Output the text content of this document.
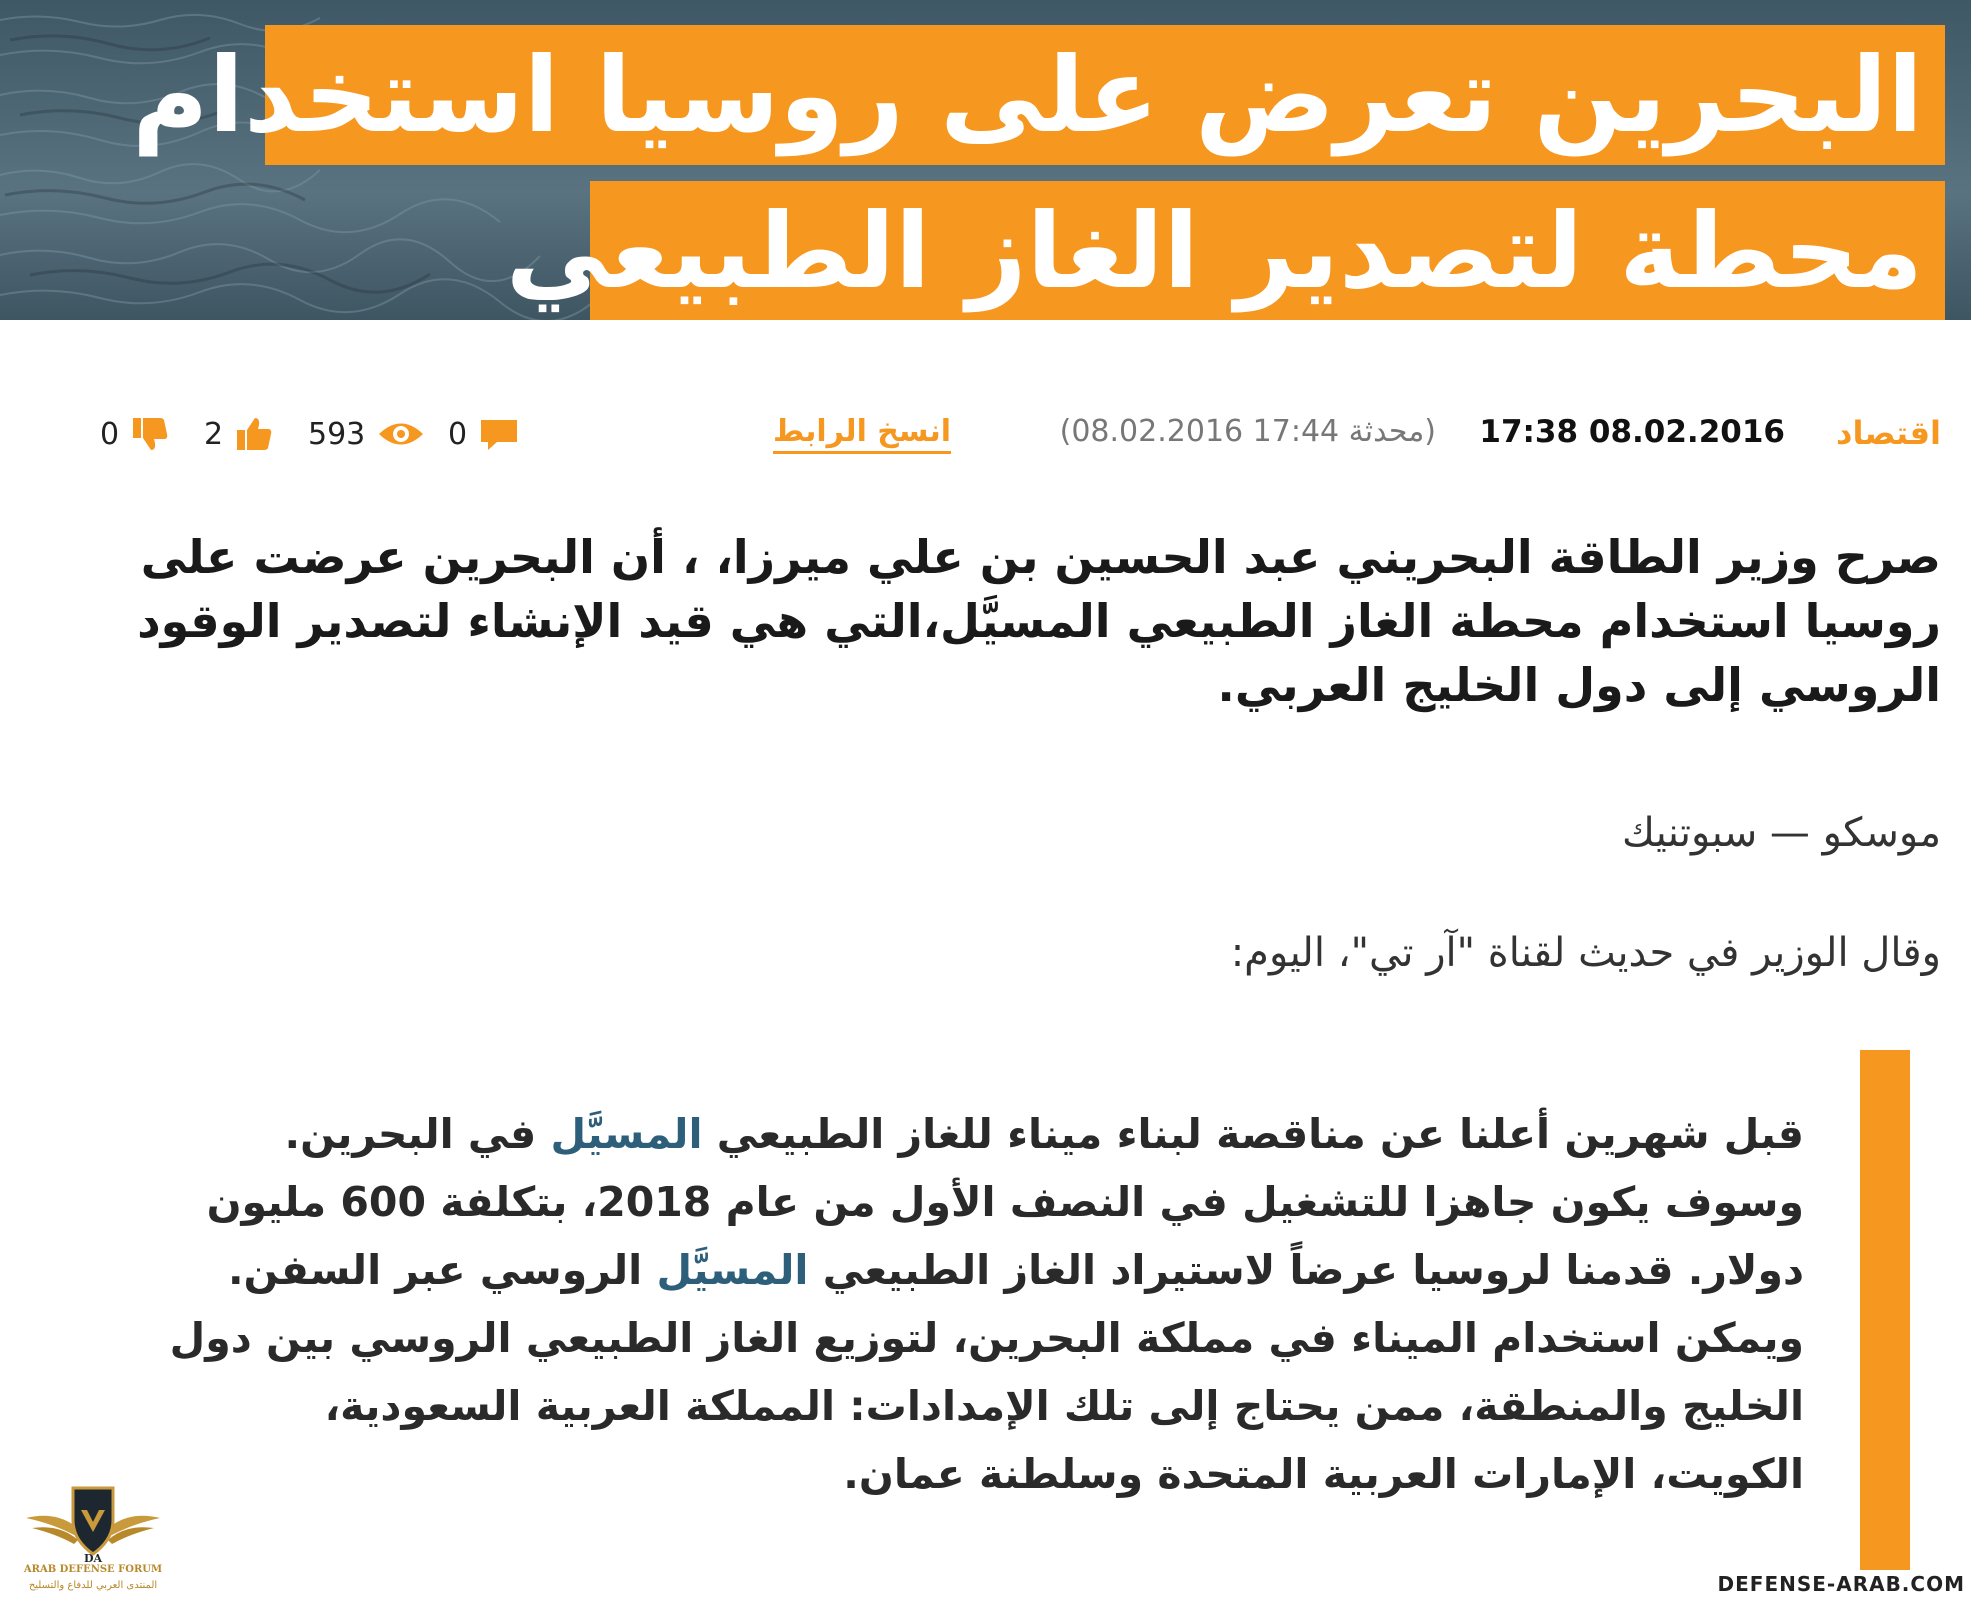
البحرين تعرض على روسيا استخدام
محطة لتصدير الغاز الطبيعي
اقتصاد
08.02.2016 17:38
(محدثة 17:44 08.02.2016)
انسخ الرابط
0
593
2
0
صرح وزير الطاقة البحريني عبد الحسين بن علي ميرزا، ، أن البحرين عرضت على روسيا استخدام محطة الغاز الطبيعي المسيَّل،التي هي قيد الإنشاء لتصدير الوقود الروسي إلى دول الخليج العربي.
موسكو — سبوتنيك
وقال الوزير في حديث لقناة "آر تي"، اليوم:
قبل شهرين أعلنا عن مناقصة لبناء ميناء للغاز الطبيعي المسيَّل في البحرين. وسوف يكون جاهزا للتشغيل في النصف الأول من عام 2018، بتكلفة 600 مليون دولار. قدمنا لروسيا عرضاً لاستيراد الغاز الطبيعي المسيَّل الروسي عبر السفن. ويمكن استخدام الميناء في مملكة البحرين، لتوزيع الغاز الطبيعي الروسي بين دول الخليج والمنطقة، ممن يحتاج إلى تلك الإمدادات: المملكة العربية السعودية، الكويت، الإمارات العربية المتحدة وسلطنة عمان.
DA
ARAB DEFENSE FORUM
المنتدى العربي للدفاع والتسليح	DEFENSE-ARAB.COM
